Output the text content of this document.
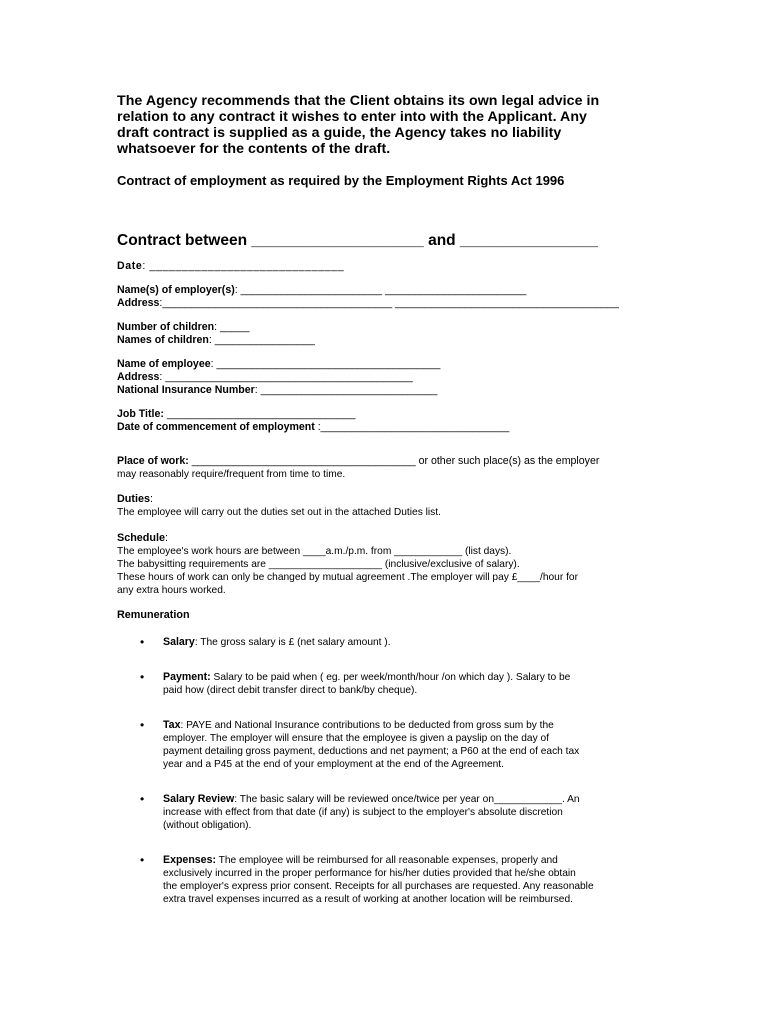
The Agency recommends that the Client obtains its own legal advice in
relation to any contract it wishes to enter into with the Applicant. Any
draft contract is supplied as a guide, the Agency takes no liability
whatsoever for the contents of the draft.

Contract of employment as required by the Employment Rights Act 1996

Contract between ____________________ and ________________

Date: ______________________________
Name(s) of employer(s): ________________________ ________________________
Address:_______________________________________ ______________________________________
Number of children: _____
Names of children: _________________
Name of employee: ______________________________________
Address: __________________________________________
National Insurance Number: ______________________________
Job Title: ________________________________
Date of commencement of employment :________________________________
Place of work: ______________________________________ or other such place(s) as the employer
may reasonably require/frequent from time to time.
Duties:
The employee will carry out the duties set out in the attached Duties list.
Schedule:
The employee's work hours are between ____a.m./p.m. from ____________ (list days).
The babysitting requirements are ____________________ (inclusive/exclusive of salary).
These hours of work can only be changed by mutual agreement .The employer will pay £____/hour for
any extra hours worked.
Remuneration
• Salary: The gross salary is £ (net salary amount ).
• Payment: Salary to be paid when ( eg. per week/month/hour /on which day ). Salary to be
paid how (direct debit transfer direct to bank/by cheque).
• Tax: PAYE and National Insurance contributions to be deducted from gross sum by the
employer. The employer will ensure that the employee is given a payslip on the day of
payment detailing gross payment, deductions and net payment; a P60 at the end of each tax
year and a P45 at the end of your employment at the end of the Agreement.
• Salary Review: The basic salary will be reviewed once/twice per year on____________. An
increase with effect from that date (if any) is subject to the employer's absolute discretion
(without obligation).
• Expenses: The employee will be reimbursed for all reasonable expenses, properly and
exclusively incurred in the proper performance for his/her duties provided that he/she obtain
the employer's express prior consent. Receipts for all purchases are requested. Any reasonable
extra travel expenses incurred as a result of working at another location will be reimbursed.
